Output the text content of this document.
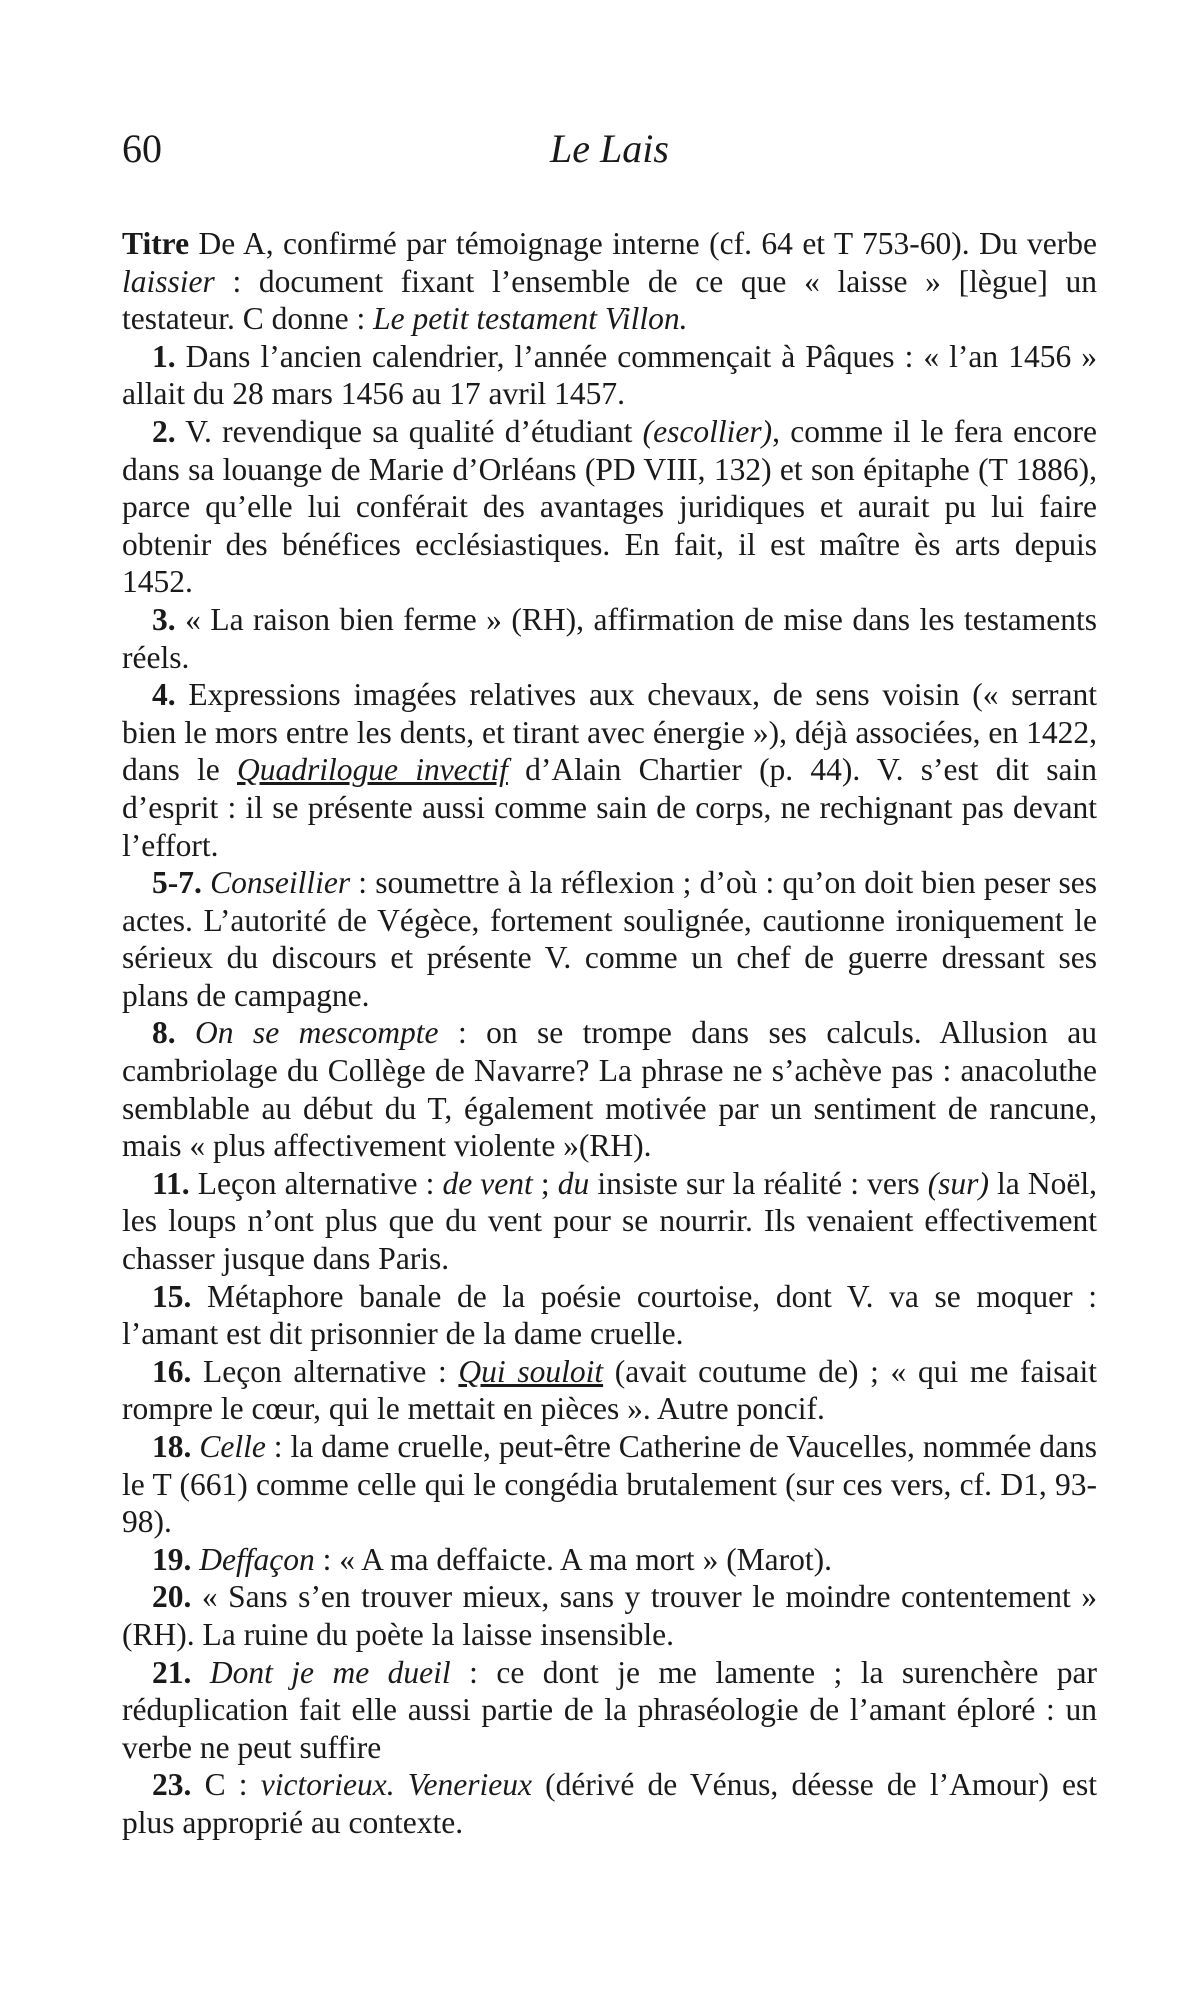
60	Le Lais

Titre De A, confirmé par témoignage interne (cf. 64 et T 753-60). Du verbe laissier : document fixant l’ensemble de ce que « laisse » [lègue] un testateur. C donne : Le petit testament Villon.

1. Dans l’ancien calendrier, l’année commençait à Pâques : « l’an 1456 » allait du 28 mars 1456 au 17 avril 1457.

2. V. revendique sa qualité d’étudiant (escollier), comme il le fera encore dans sa louange de Marie d’Orléans (PD VIII, 132) et son épitaphe (T 1886), parce qu’elle lui conférait des avantages juridiques et aurait pu lui faire obtenir des bénéfices ecclésiastiques. En fait, il est maître ès arts depuis 1452.

3. « La raison bien ferme » (RH), affirmation de mise dans les testaments réels.

4. Expressions imagées relatives aux chevaux, de sens voisin (« serrant bien le mors entre les dents, et tirant avec énergie »), déjà associées, en 1422, dans le Quadrilogue invectif d’Alain Chartier (p. 44). V. s’est dit sain d’esprit : il se présente aussi comme sain de corps, ne rechignant pas devant l’effort.

5-7. Conseillier : soumettre à la réflexion ; d’où : qu’on doit bien peser ses actes. L’autorité de Végèce, fortement soulignée, cautionne ironiquement le sérieux du discours et présente V. comme un chef de guerre dressant ses plans de campagne.

8. On se mescompte : on se trompe dans ses calculs. Allusion au cambriolage du Collège de Navarre? La phrase ne s’achève pas : anacoluthe semblable au début du T, également motivée par un sentiment de rancune, mais « plus affectivement violente »(RH).

11. Leçon alternative : de vent ; du insiste sur la réalité : vers (sur) la Noël, les loups n’ont plus que du vent pour se nourrir. Ils venaient effectivement chasser jusque dans Paris.

15. Métaphore banale de la poésie courtoise, dont V. va se moquer : l’amant est dit prisonnier de la dame cruelle.

16. Leçon alternative : Qui souloit (avait coutume de) ; « qui me faisait rompre le cœur, qui le mettait en pièces ». Autre poncif.

18. Celle : la dame cruelle, peut-être Catherine de Vaucelles, nommée dans le T (661) comme celle qui le congédia brutalement (sur ces vers, cf. D1, 93-98).

19. Deffaçon : « A ma deffaicte. A ma mort » (Marot).

20. « Sans s’en trouver mieux, sans y trouver le moindre contentement » (RH). La ruine du poète la laisse insensible.

21. Dont je me dueil : ce dont je me lamente ; la surenchère par réduplication fait elle aussi partie de la phraséologie de l’amant éploré : un verbe ne peut suffire

23. C : victorieux. Venerieux (dérivé de Vénus, déesse de l’Amour) est plus approprié au contexte.
